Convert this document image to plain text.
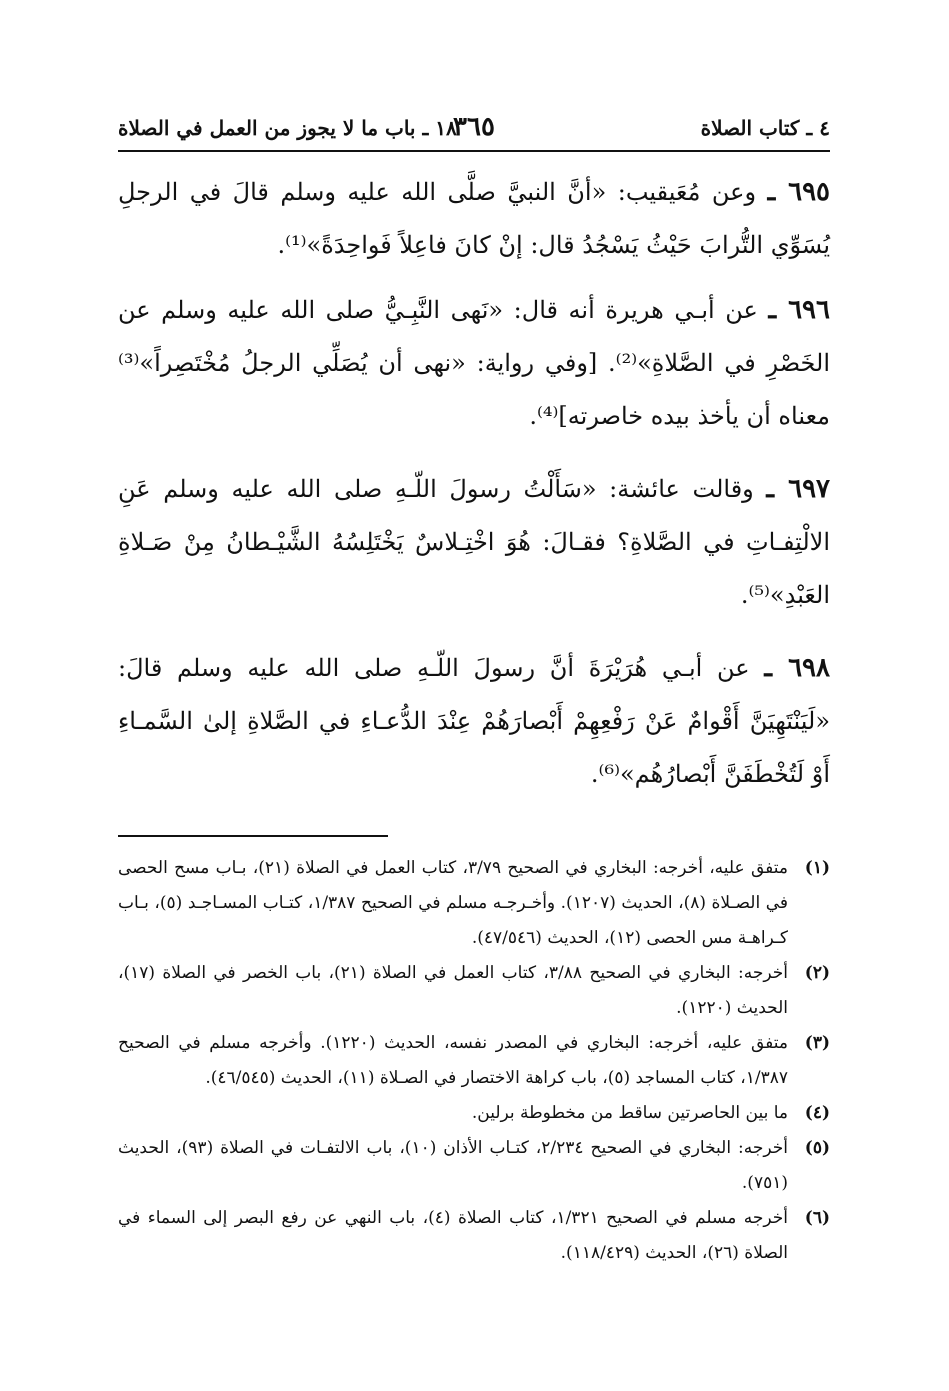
٤ ـ كتاب الصلاة
٣٦٥
١٨ ـ باب ما لا يجوز من العمل في الصلاة

٦٩٥ ـ وعن مُعَيقيب: «أنَّ النبيَّ صلَّى الله عليه وسلم قالَ في الرجلِ يُسَوِّي التُّرابَ حَيْثُ يَسْجُدُ قال: إنْ كانَ فاعِلاً فَواحِدَةً»⁽¹⁾.

٦٩٦ ـ عن أبـي هريرة أنه قال: «نَهى النَّبِـيُّ صلى الله عليه وسلم عن الخَصْرِ في الصَّلاةِ»⁽²⁾. [وفي رواية: «نهى أن يُصَلِّي الرجلُ مُخْتَصِراً»⁽³⁾ معناه أن يأخذ بيده خاصرته]⁽⁴⁾.

٦٩٧ ـ وقالت عائشة: «سَأَلْتُ رسولَ اللّـهِ صلى الله عليه وسلم عَنِ الالْتِفـاتِ في الصَّلاةِ؟ فقـالَ: هُوَ اخْتِـلاسٌ يَخْتَلِسُهُ الشَّيْـطانُ مِنْ صَـلاةِ العَبْدِ»⁽⁵⁾.

٦٩٨ ـ عن أبـي هُرَيْرَةَ أنَّ رسولَ اللّـهِ صلى الله عليه وسلم قالَ: «لَيَنْتَهِيَنَّ أَقْوامٌ عَنْ رَفْعِهِمْ أَبْصارَهُمْ عِنْدَ الدُّعـاءِ في الصَّلاةِ إلىٰ السَّمـاءِ أَوْ لَتُخْطَفَنَّ أَبْصارُهُم»⁽⁶⁾.

(١)
متفق عليه، أخرجه: البخاري في الصحيح ٣/٧٩، كتاب العمل في الصلاة (٢١)، بـاب مسح الحصى في الصـلاة (٨)، الحديث (١٢٠٧). وأخـرجـه مسلم في الصحيح ١/٣٨٧، كتـاب المسـاجـد (٥)، بـاب كـراهـة مس الحصى (١٢)، الحديث (٤٧/٥٤٦).
(٢)
أخرجه: البخاري في الصحيح ٣/٨٨، كتاب العمل في الصلاة (٢١)، باب الخصر في الصلاة (١٧)، الحديث (١٢٢٠).
(٣)
متفق عليه، أخرجه: البخاري في المصدر نفسه، الحديث (١٢٢٠). وأخرجه مسلم في الصحيح ١/٣٨٧، كتاب المساجد (٥)، باب كراهة الاختصار في الصـلاة (١١)، الحديث (٤٦/٥٤٥).
(٤)
ما بين الحاصرتين ساقط من مخطوطة برلين.
(٥)
أخرجه: البخاري في الصحيح ٢/٢٣٤، كتـاب الأذان (١٠)، باب الالتفـات في الصلاة (٩٣)، الحديث (٧٥١).
(٦)
أخرجه مسلم في الصحيح ١/٣٢١، كتاب الصلاة (٤)، باب النهي عن رفع البصر إلى السماء في الصلاة (٢٦)، الحديث (١١٨/٤٢٩).
